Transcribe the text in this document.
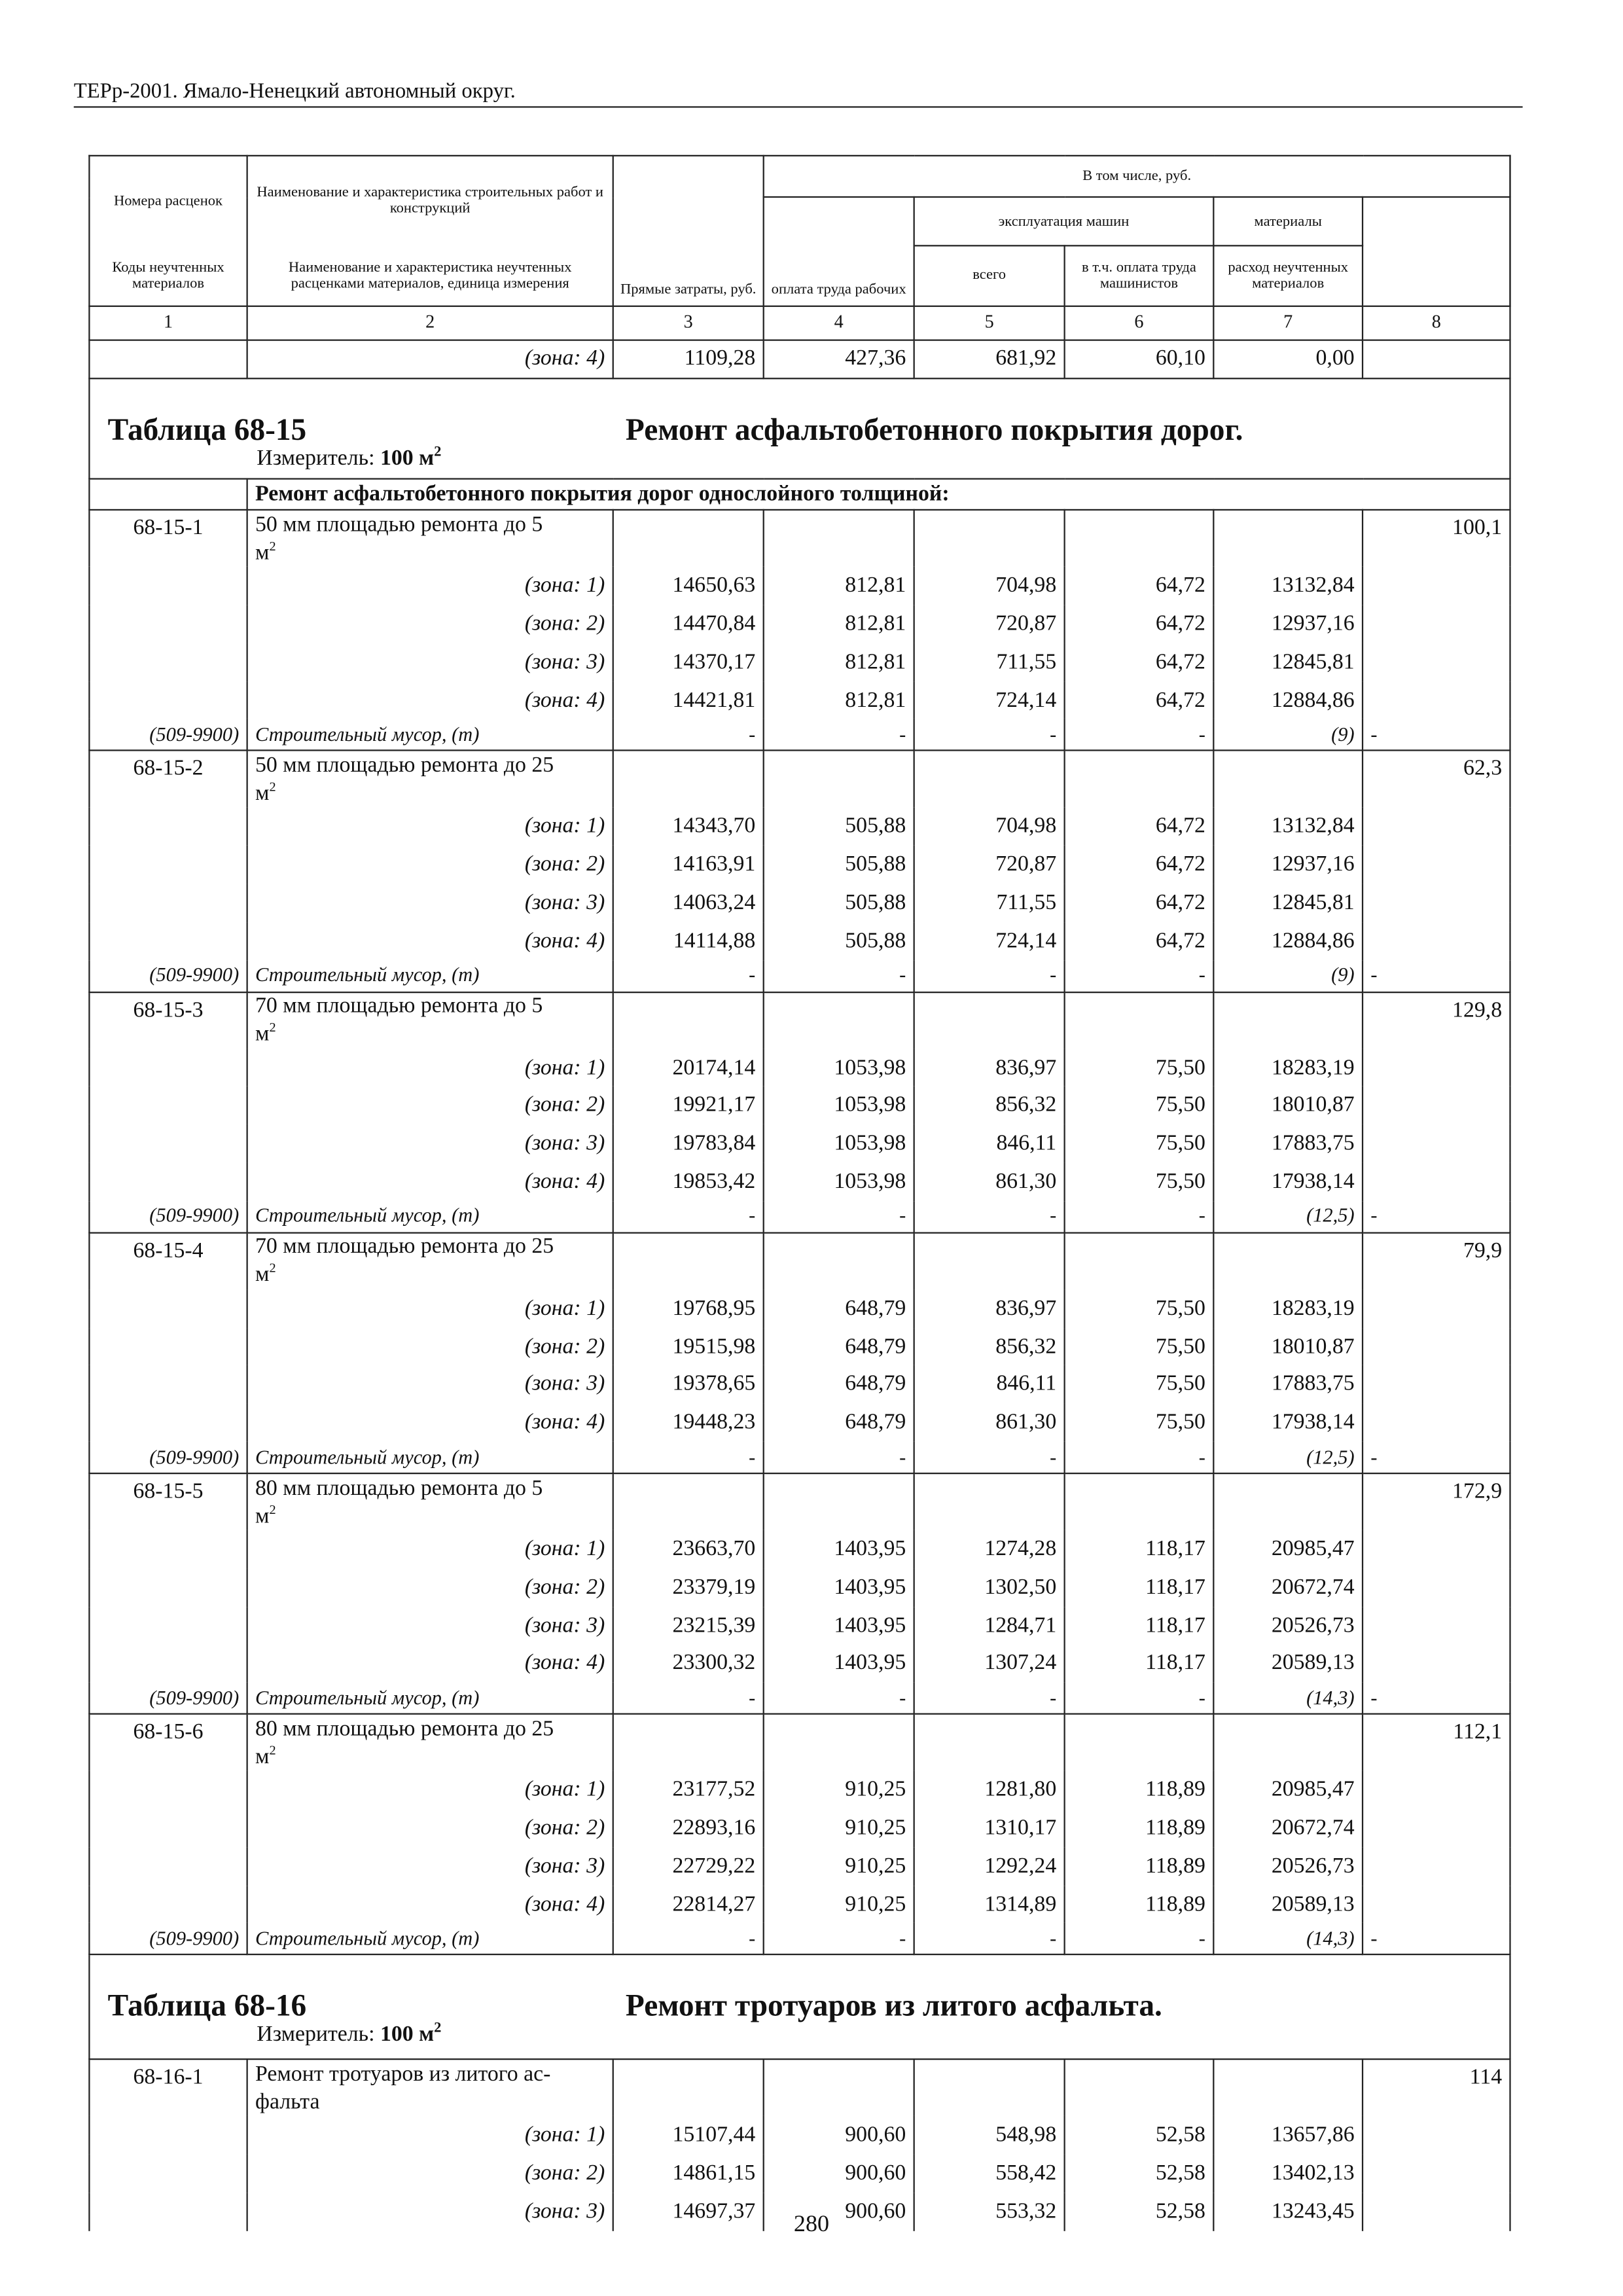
ТЕРр-2001. Ямало-Ненецкий автономный округ.
Номера расценок	Наименование и характеристика строительных работ и конструкций	Прямые затраты, руб.	В том числе, руб.	
			оплата труда рабочих	эксплуатация машин		материалы		
Коды неучтенных материалов	Наименование и характеристика неучтенных расценками материалов, единица измерения			всего	в т.ч. оплата труда машинистов	расход неучтенных материалов		
1	2	3	4	5	6	7	8	
	(зона: 4)	1109,28	427,36	681,92	60,10	0,00		

Таблица 68-15 Ремонт асфальтобетонного покрытия дорог.
Измеритель: 100 $м^2$

	Ремонт асфальтобетонного покрытия дорог однослойного толщиной:							
68-15-1	50 мм площадью ремонта до 5
$м^2$						100,1	
	(зона: 1)	14650,63	812,81	704,98	64,72	13132,84		
	(зона: 2)	14470,84	812,81	720,87	64,72	12937,16		
	(зона: 3)	14370,17	812,81	711,55	64,72	12845,81		
	(зона: 4)	14421,81	812,81	724,14	64,72	12884,86		
(509-9900)	Строительный мусор, (т)	-	-	-	-	(9)	-	
68-15-2	50 мм площадью ремонта до 25
$м^2$						62,3	
	(зона: 1)	14343,70	505,88	704,98	64,72	13132,84		
	(зона: 2)	14163,91	505,88	720,87	64,72	12937,16		
	(зона: 3)	14063,24	505,88	711,55	64,72	12845,81		
	(зона: 4)	14114,88	505,88	724,14	64,72	12884,86		
(509-9900)	Строительный мусор, (т)	-	-	-	-	(9)	-	
68-15-3	70 мм площадью ремонта до 5
$м^2$						129,8	
	(зона: 1)	20174,14	1053,98	836,97	75,50	18283,19		
	(зона: 2)	19921,17	1053,98	856,32	75,50	18010,87		
	(зона: 3)	19783,84	1053,98	846,11	75,50	17883,75		
	(зона: 4)	19853,42	1053,98	861,30	75,50	17938,14		
(509-9900)	Строительный мусор, (т)	-	-	-	-	(12,5)	-	
68-15-4	70 мм площадью ремонта до 25
$м^2$						79,9	
	(зона: 1)	19768,95	648,79	836,97	75,50	18283,19		
	(зона: 2)	19515,98	648,79	856,32	75,50	18010,87		
	(зона: 3)	19378,65	648,79	846,11	75,50	17883,75		
	(зона: 4)	19448,23	648,79	861,30	75,50	17938,14		
(509-9900)	Строительный мусор, (т)	-	-	-	-	(12,5)	-	
68-15-5	80 мм площадью ремонта до 5
$м^2$						172,9	
	(зона: 1)	23663,70	1403,95	1274,28	118,17	20985,47		
	(зона: 2)	23379,19	1403,95	1302,50	118,17	20672,74		
	(зона: 3)	23215,39	1403,95	1284,71	118,17	20526,73		
	(зона: 4)	23300,32	1403,95	1307,24	118,17	20589,13		
(509-9900)	Строительный мусор, (т)	-	-	-	-	(14,3)	-	
68-15-6	80 мм площадью ремонта до 25
$м^2$						112,1	
	(зона: 1)	23177,52	910,25	1281,80	118,89	20985,47		
	(зона: 2)	22893,16	910,25	1310,17	118,89	20672,74		
	(зона: 3)	22729,22	910,25	1292,24	118,89	20526,73		
	(зона: 4)	22814,27	910,25	1314,89	118,89	20589,13		
(509-9900)	Строительный мусор, (т)	-	-	-	-	(14,3)	-	

Таблица 68-16 Ремонт тротуаров из литого асфальта.
Измеритель: 100 $м^2$

68-16-1	Ремонт тротуаров из литого ас-
фальта						114	
	(зона: 1)	15107,44	900,60	548,98	52,58	13657,86		
	(зона: 2)	14861,15	900,60	558,42	52,58	13402,13		
	(зона: 3)	14697,37	900,60	553,32	52,58	13243,45		
280
